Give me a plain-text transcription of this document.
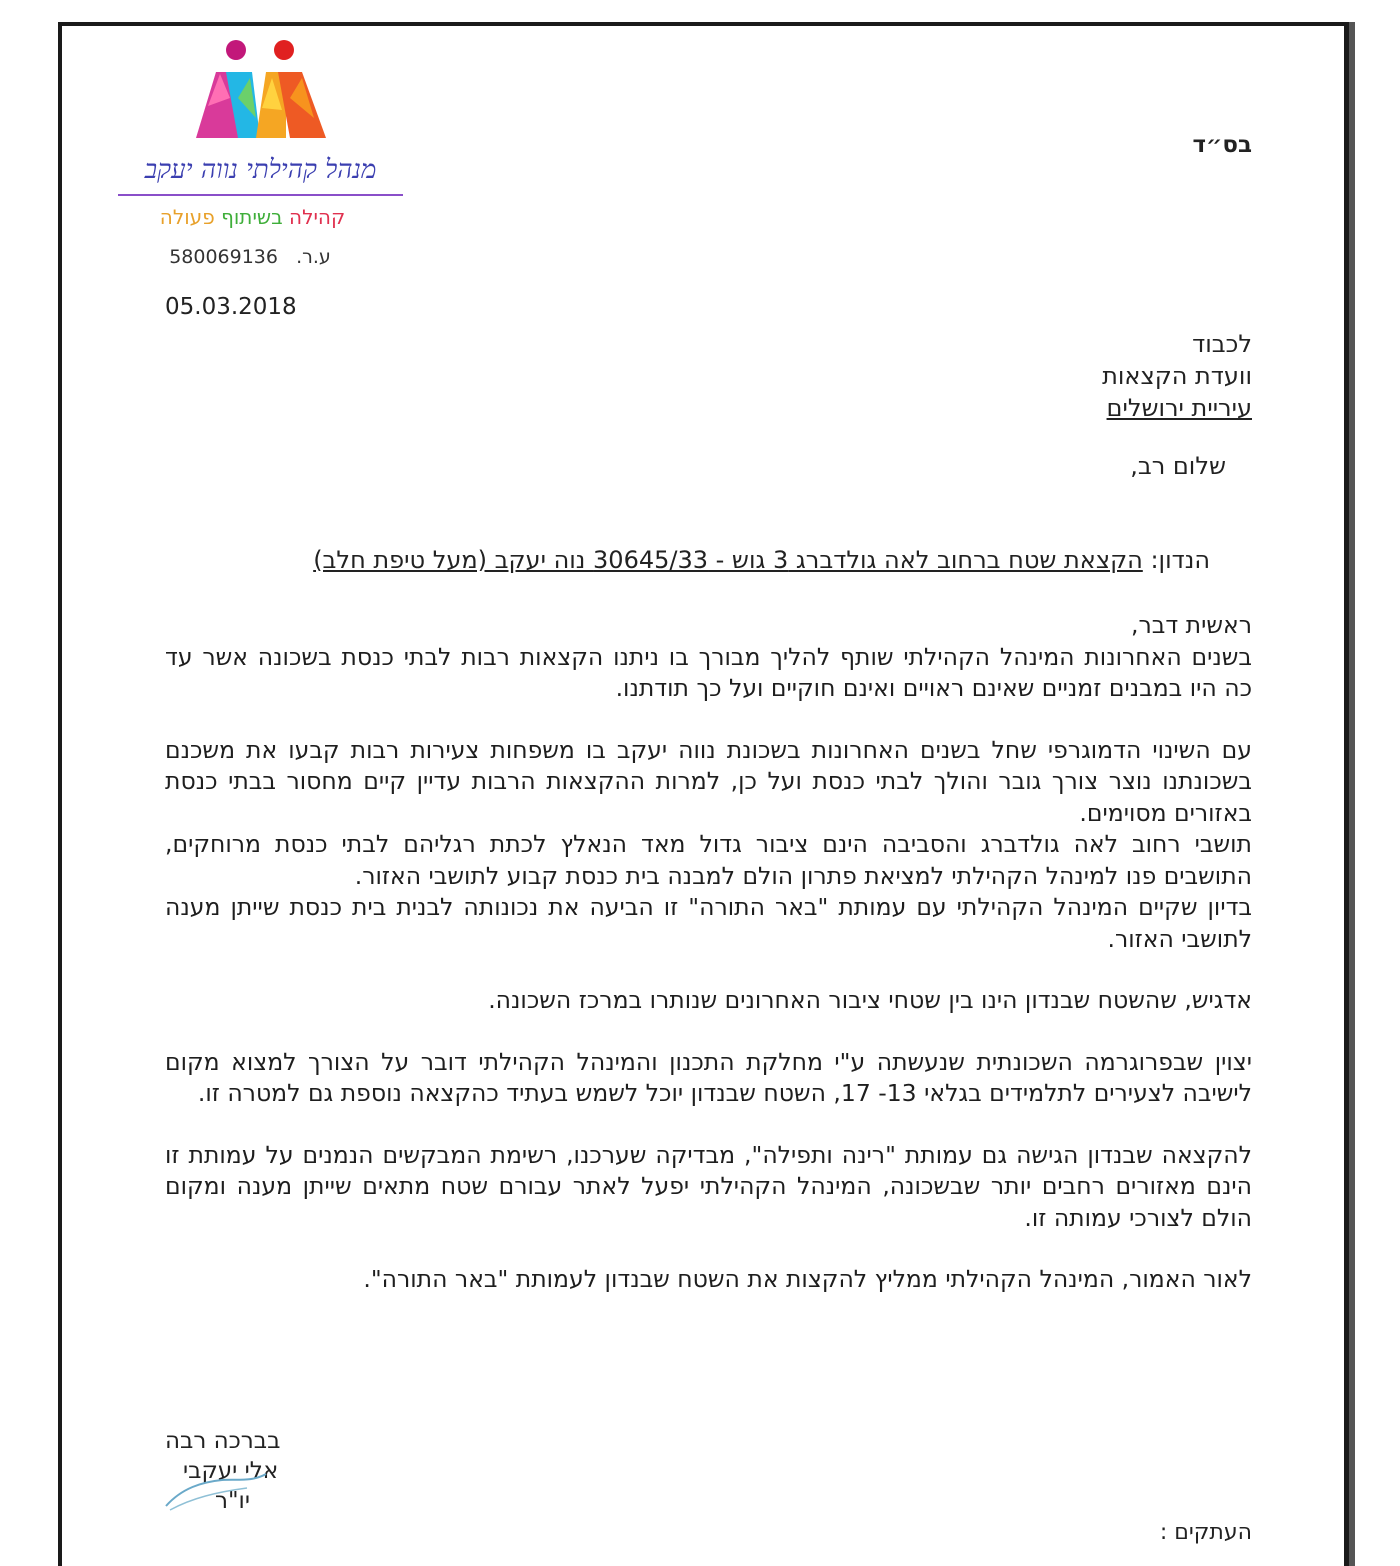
מנהל קהילתי נווה יעקב
קהילה בשיתוף פעולה
ע.ר.   580069136
בס״ד
05.03.2018
לכבוד
וועדת הקצאות
עיריית ירושלים
שלום רב,
הנדון: הקצאת שטח ברחוב לאה גולדברג 3 גוש - 30645/33 נוה יעקב (מעל טיפת חלב)

ראשית דבר,

בשנים האחרונות המינהל הקהילתי שותף להליך מבורך בו ניתנו הקצאות רבות לבתי כנסת בשכונה אשר עד כה היו במבנים זמניים שאינם ראויים ואינם חוקיים ועל כך תודתנו.

עם השינוי הדמוגרפי שחל בשנים האחרונות בשכונת נווה יעקב בו משפחות צעירות רבות קבעו את משכנם בשכונתנו נוצר צורך גובר והולך לבתי כנסת ועל כן, למרות ההקצאות הרבות עדיין קיים מחסור בבתי כנסת באזורים מסוימים.

תושבי רחוב לאה גולדברג והסביבה הינם ציבור גדול מאד הנאלץ לכתת רגליהם לבתי כנסת מרוחקים, התושבים פנו למינהל הקהילתי למציאת פתרון הולם למבנה בית כנסת קבוע לתושבי האזור.

בדיון שקיים המינהל הקהילתי עם עמותת "באר התורה" זו הביעה את נכונותה לבנית בית כנסת שייתן מענה לתושבי האזור.

אדגיש, שהשטח שבנדון הינו בין שטחי ציבור האחרונים שנותרו במרכז השכונה.

יצוין שבפרוגרמה השכונתית שנעשתה ע"י מחלקת התכנון והמינהל הקהילתי דובר על הצורך למצוא מקום לישיבה לצעירים לתלמידים בגלאי 13- 17, השטח שבנדון יוכל לשמש בעתיד כהקצאה נוספת גם למטרה זו.

להקצאה שבנדון הגישה גם עמותת "רינה ותפילה", מבדיקה שערכנו, רשימת המבקשים הנמנים על עמותת זו הינם מאזורים רחבים יותר שבשכונה, המינהל הקהילתי יפעל לאתר עבורם שטח מתאים שייתן מענה ומקום הולם לצורכי עמותה זו.

לאור האמור, המינהל הקהילתי ממליץ להקצות את השטח שבנדון לעמותת "באר התורה".

בברכה רבה
אלי יעקבי
יו"ר
העתקים :
